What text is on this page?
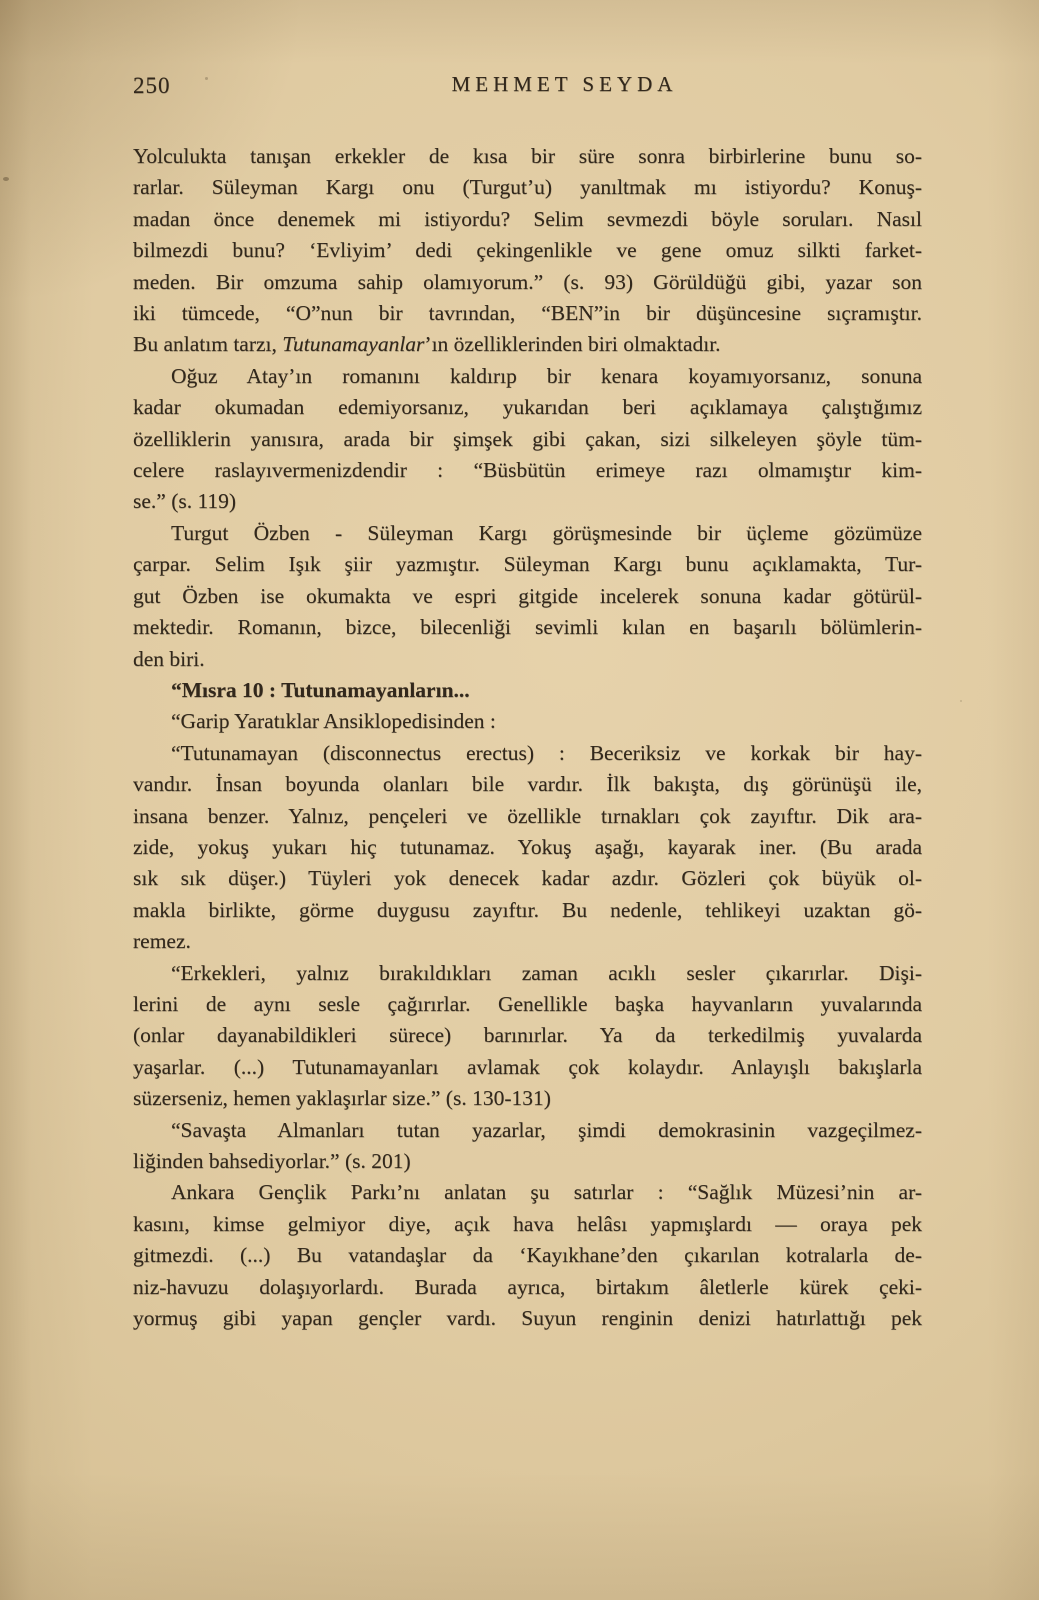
250	MEHMET SEYDA
Yolculukta tanışan erkekler de kısa bir süre sonra birbirlerine bunu so-
rarlar. Süleyman Kargı onu (Turgut’u) yanıltmak mı istiyordu? Konuş-
madan önce denemek mi istiyordu? Selim sevmezdi böyle soruları. Nasıl
bilmezdi bunu? ‘Evliyim’ dedi çekingenlikle ve gene omuz silkti farket-
meden. Bir omzuma sahip olamıyorum.” (s. 93) Görüldüğü gibi, yazar son
iki tümcede, “O”nun bir tavrından, “BEN”in bir düşüncesine sıçramıştır.
Bu anlatım tarzı, Tutunamayanlar’ın özelliklerinden biri olmaktadır.
Oğuz Atay’ın romanını kaldırıp bir kenara koyamıyorsanız, sonuna
kadar okumadan edemiyorsanız, yukarıdan beri açıklamaya çalıştığımız
özelliklerin yanısıra, arada bir şimşek gibi çakan, sizi silkeleyen şöyle tüm-
celere raslayıvermenizdendir : “Büsbütün erimeye razı olmamıştır kim-
se.” (s. 119)
Turgut Özben - Süleyman Kargı görüşmesinde bir üçleme gözümüze
çarpar. Selim Işık şiir yazmıştır. Süleyman Kargı bunu açıklamakta, Tur-
gut Özben ise okumakta ve espri gitgide incelerek sonuna kadar götürül-
mektedir. Romanın, bizce, bilecenliği sevimli kılan en başarılı bölümlerin-
den biri.
“Mısra 10 : Tutunamayanların...
“Garip Yaratıklar Ansiklopedisinden :
“Tutunamayan (disconnectus erectus) : Beceriksiz ve korkak bir hay-
vandır. İnsan boyunda olanları bile vardır. İlk bakışta, dış görünüşü ile,
insana benzer. Yalnız, pençeleri ve özellikle tırnakları çok zayıftır. Dik ara-
zide, yokuş yukarı hiç tutunamaz. Yokuş aşağı, kayarak iner. (Bu arada
sık sık düşer.) Tüyleri yok denecek kadar azdır. Gözleri çok büyük ol-
makla birlikte, görme duygusu zayıftır. Bu nedenle, tehlikeyi uzaktan gö-
remez.
“Erkekleri, yalnız bırakıldıkları zaman acıklı sesler çıkarırlar. Dişi-
lerini de aynı sesle çağırırlar. Genellikle başka hayvanların yuvalarında
(onlar dayanabildikleri sürece) barınırlar. Ya da terkedilmiş yuvalarda
yaşarlar. (...) Tutunamayanları avlamak çok kolaydır. Anlayışlı bakışlarla
süzerseniz, hemen yaklaşırlar size.” (s. 130-131)
“Savaşta Almanları tutan yazarlar, şimdi demokrasinin vazgeçilmez-
liğinden bahsediyorlar.” (s. 201)
Ankara Gençlik Parkı’nı anlatan şu satırlar : “Sağlık Müzesi’nin ar-
kasını, kimse gelmiyor diye, açık hava helâsı yapmışlardı — oraya pek
gitmezdi. (...) Bu vatandaşlar da ‘Kayıkhane’den çıkarılan kotralarla de-
niz-havuzu dolaşıyorlardı. Burada ayrıca, birtakım âletlerle kürek çeki-
yormuş gibi yapan gençler vardı. Suyun renginin denizi hatırlattığı pek
